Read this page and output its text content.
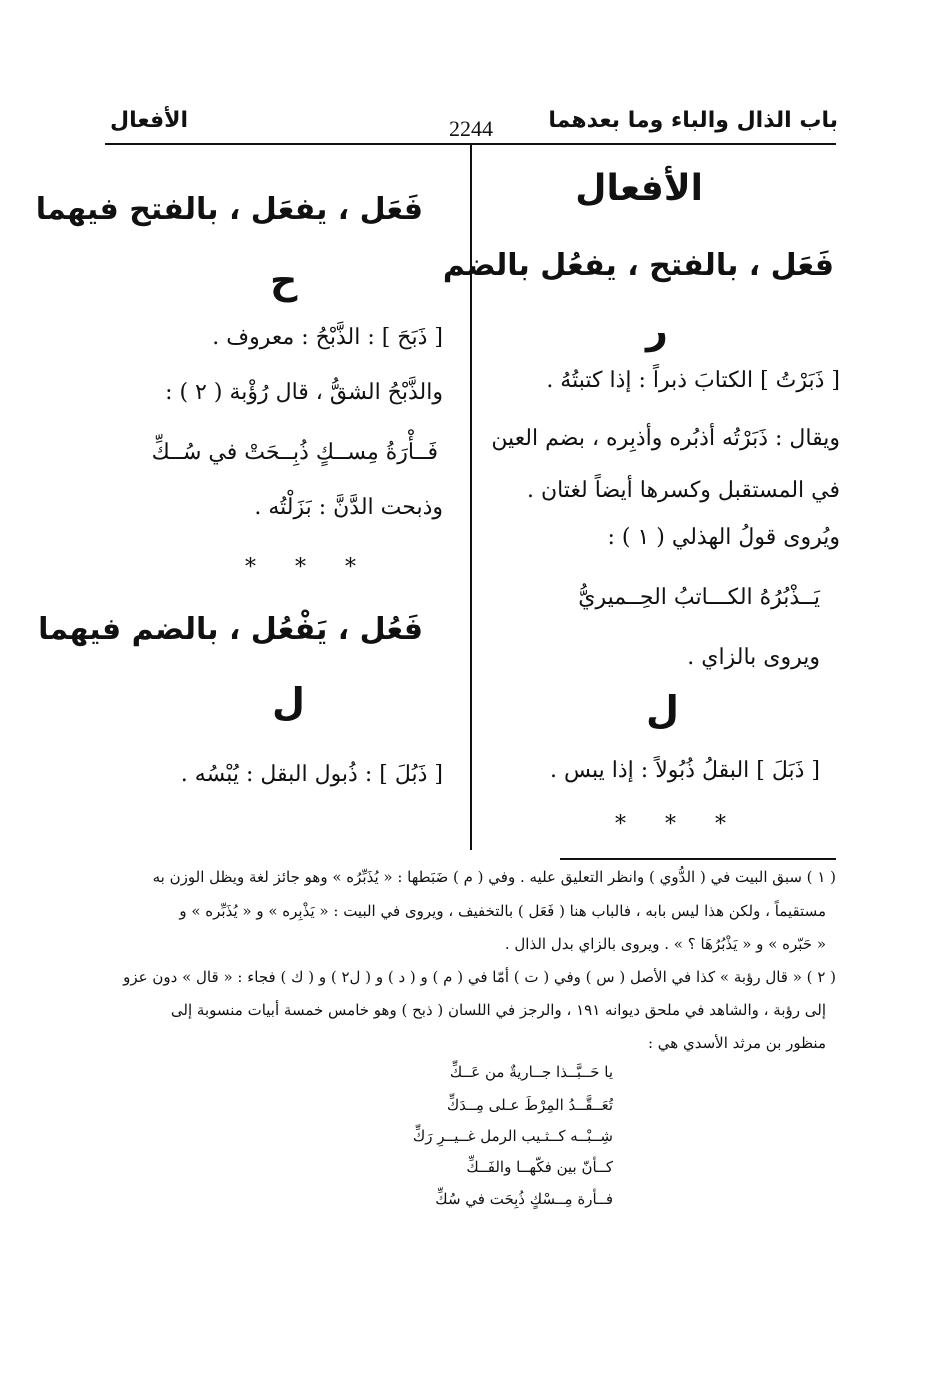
باب الذال والباء وما بعدهما
2244
الأفعال
الأفعال
فَعَل ، بالفتح ، يفعُل بالضم
ر
[ ذَبَرْتُ ] الكتابَ ذبراً : إذا كتبتُهُ .
ويقال : ذَبَرْتُه أذبُره وأذبِره ، بضم العين
في المستقبل وكسرها أيضاً لغتان .
ويُروى قولُ الهذلي ( ١ ) :
يَــذْبُرُهُ الكـــاتبُ الحِــميريُّ
ويروى بالزاي .
ل
[ ذَبَلَ ] البقلُ ذُبُولاً : إذا يبس .
* * *
فَعَل ، يفعَل ، بالفتح فيهما
ح
[ ذَبَحَ ] : الذَّبْحُ : معروف .
والذَّبْحُ الشقُّ ، قال رُؤْبة ( ٢ ) :
فَــأْرَةُ مِســكٍ ذُبِــحَتْ في سُــكِّ
وذبحت الدَّنَّ : بَزَلْتُه .
* * *
فَعُل ، يَفْعُل ، بالضم فيهما
ل
[ ذَبُلَ ] : ذُبول البقل : يُبْسُه .
( ١ ) سبق البيت في ( الدُّوي ) وانظر التعليق عليه . وفي ( م ) ضَبَطها : « يُذَبِّرُه » وهو جائز لغة ويظل الوزن به
مستقيماً ، ولكن هذا ليس بابه ، فالباب هنا ( فَعَل ) بالتخفيف ، ويروى في البيت : « يَذْبِره » و « يُذَبِّره » و
« حَبّره » و « يَذْبُرُهَا ؟ » . ويروى بالزاي بدل الذال .
( ٢ ) « قال رؤبة » كذا في الأصل ( س ) وفي ( ت ) أمّا في ( م ) و ( د ) و ( ل٢ ) و ( ك ) فجاء : « قال » دون عزو
إلى رؤبة ، والشاهد في ملحق ديوانه ١٩١ ، والرجز في اللسان ( ذبح ) وهو خامس خمسة أبيات منسوبة إلى
منظور بن مرثد الأسدي هي :
يا حَــبَّــذا جــاريةٌ من عَــكِّ
تُعَــقَّــدُ المِرْطَ عـلى مِــدَكِّ
شِــبْــه كــثـيب الرمل غــيــرِ رَكِّ
كــأنّ بين فكّهــا والفَــكِّ
فــأرة مِــسْكٍ ذُبِحَت في سُكِّ
